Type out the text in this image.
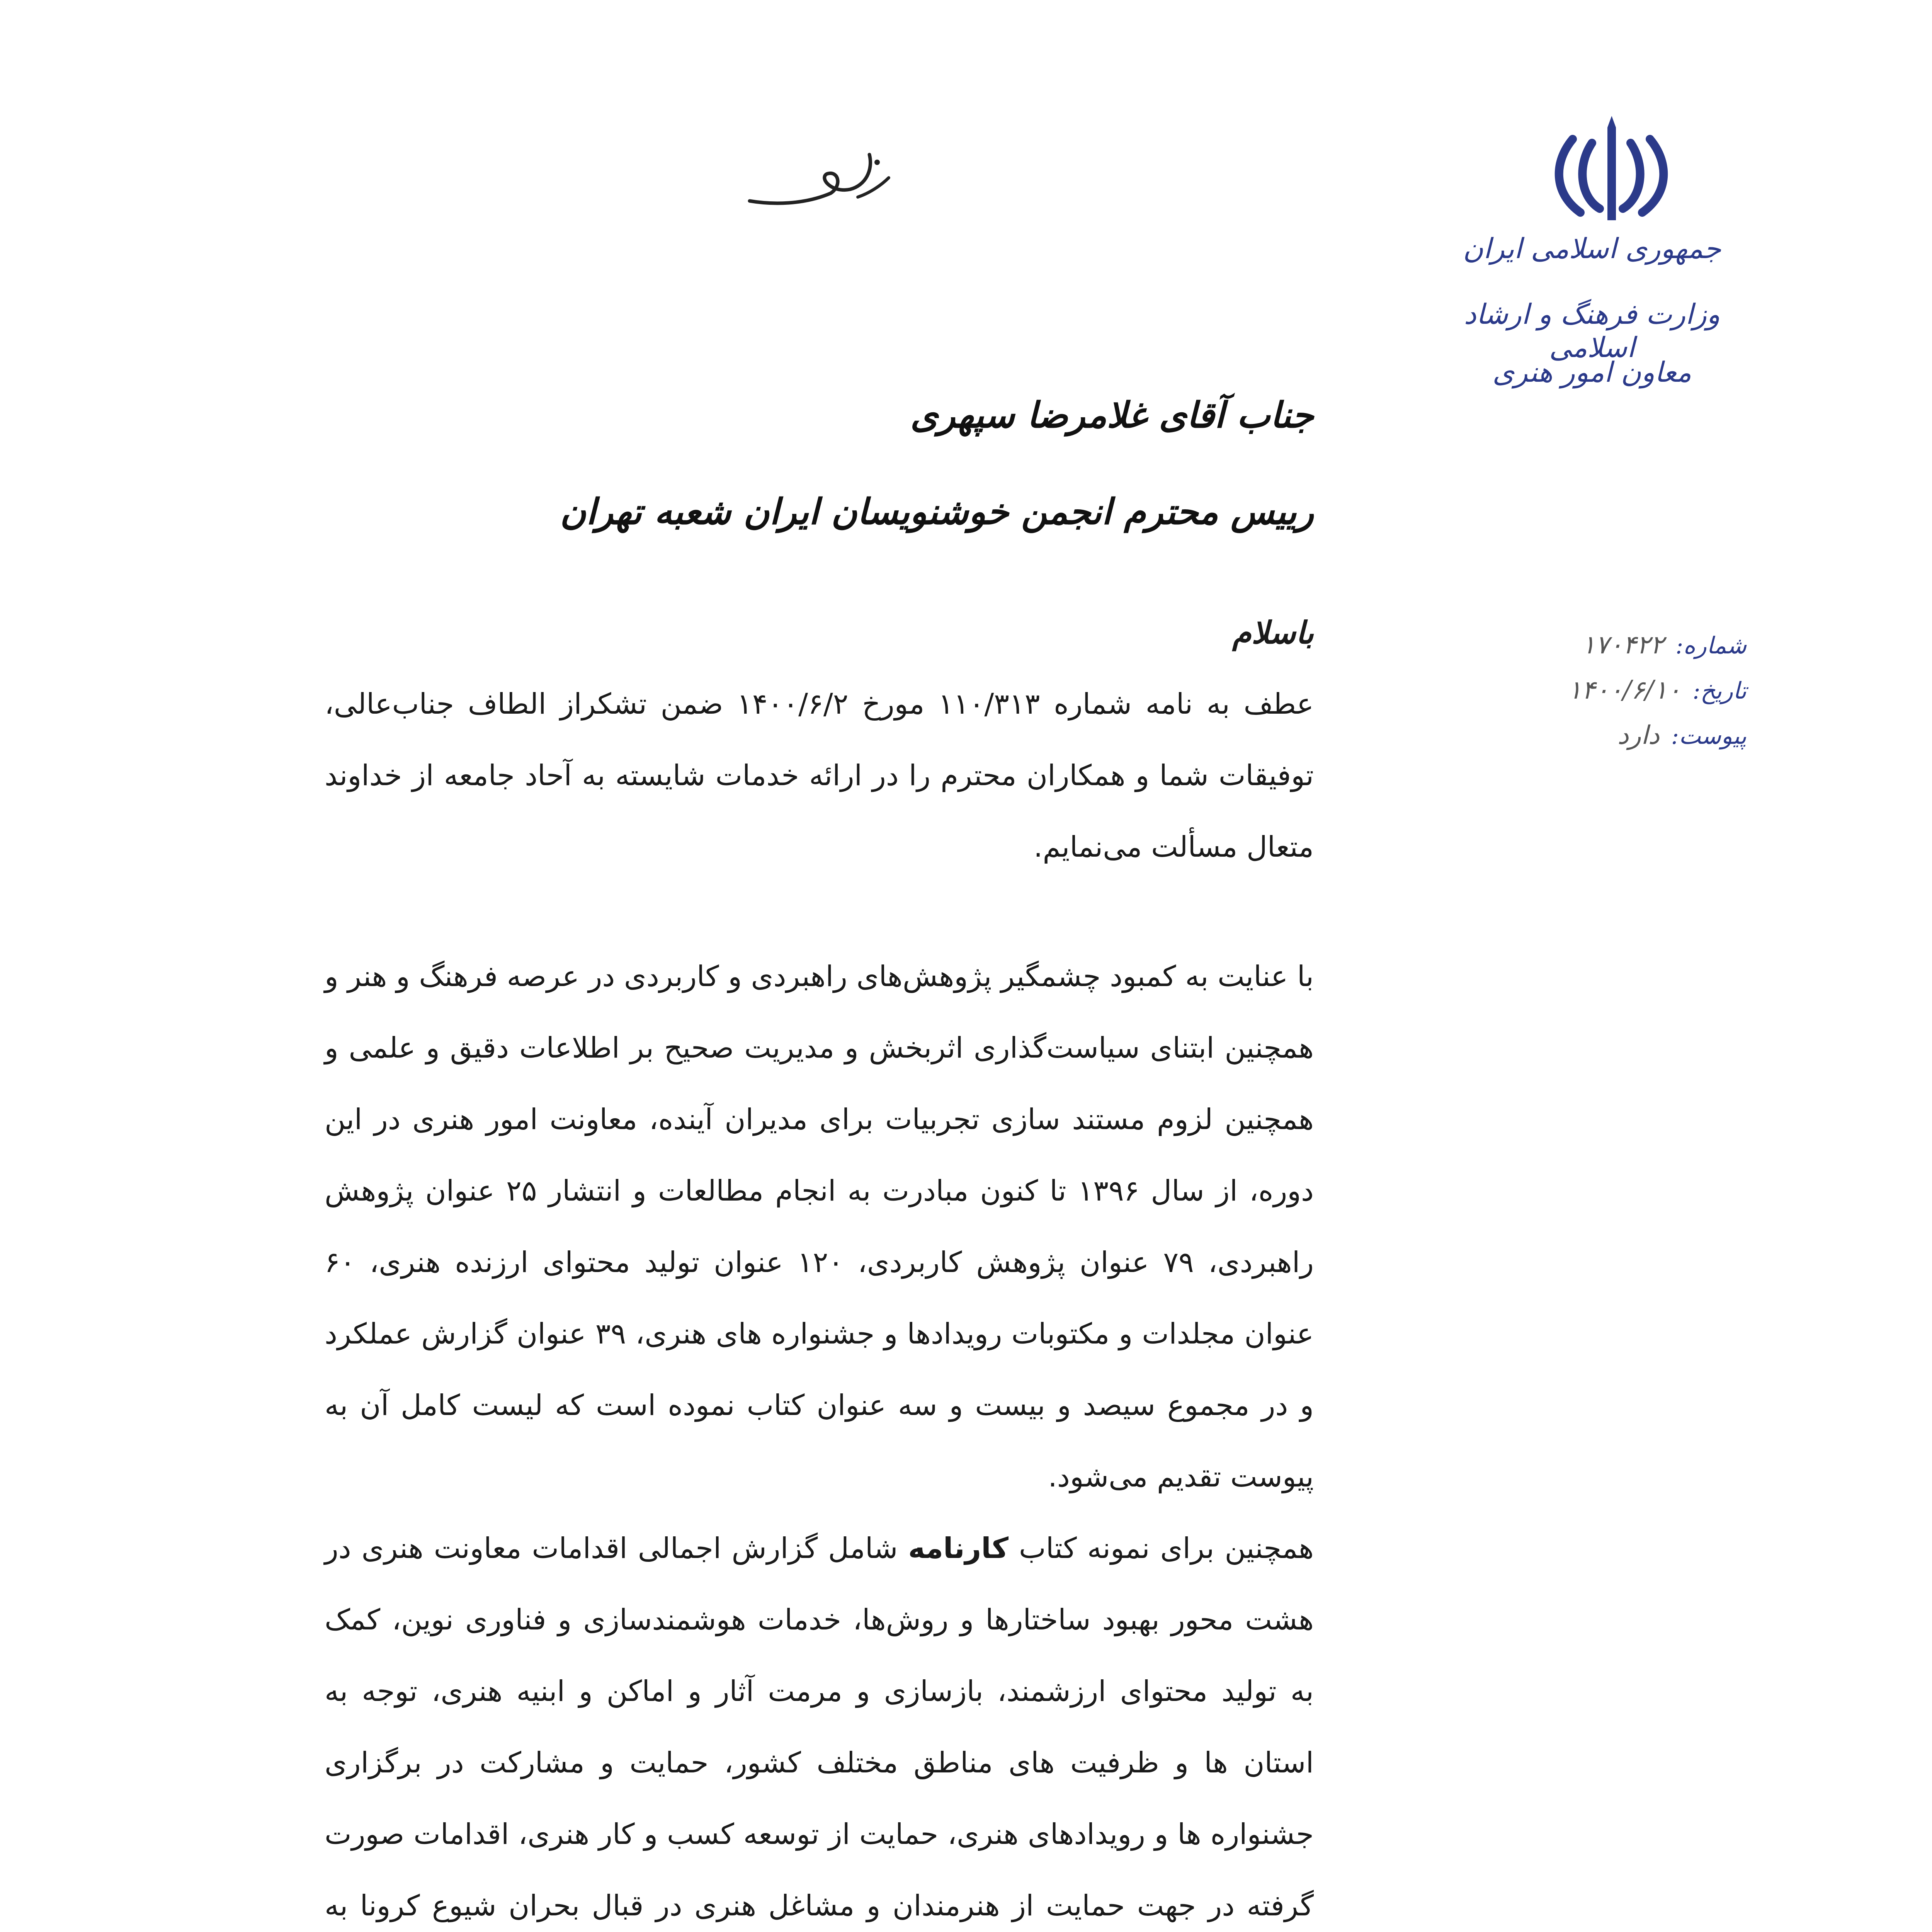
جمهوری اسلامی ایران
وزارت فرهنگ و ارشاد اسلامی
معاون امور هنری
جناب آقای غلامرضا سپهری
رییس محترم انجمن خوشنویسان ایران شعبه تهران
شماره:
۱۷۰۴۲۲
تاریخ:
۱۴۰۰/۶/۱۰
پیوست:
دارد
باسلام

عطف به نامه شماره ۱۱۰/۳۱۳ مورخ ۱۴۰۰/۶/۲ ضمن تشکراز الطاف جناب‌عالی، توفیقات شما و همکاران محترم را در ارائه خدمات شایسته به آحاد جامعه از خداوند متعال مسألت می‌نمایم.

با عنایت به کمبود چشمگیر پژوهش‌های راهبردی و کاربردی در عرصه فرهنگ و هنر و همچنین ابتنای سیاست‌گذاری اثربخش و مدیریت صحیح بر اطلاعات دقیق و علمی و همچنین لزوم مستند سازی تجربیات برای مدیران آینده، معاونت امور هنری در این دوره، از سال ۱۳۹۶ تا کنون مبادرت به انجام مطالعات و انتشار ۲۵ عنوان پژوهش راهبردی، ۷۹ عنوان پژوهش کاربردی، ۱۲۰ عنوان تولید محتوای ارزنده هنری، ۶۰ عنوان مجلدات و مکتوبات رویدادها و جشنواره های هنری، ۳۹ عنوان گزارش عملکرد و در مجموع سیصد و بیست و سه عنوان کتاب نموده است که لیست کامل آن به پیوست تقدیم می‌شود.

همچنین برای نمونه کتاب کارنامه شامل گزارش اجمالی اقدامات معاونت هنری در هشت محور بهبود ساختارها و روش‌ها، خدمات هوشمندسازی و فناوری نوین، کمک به تولید محتوای ارزشمند، بازسازی و مرمت آثار و اماکن و ابنیه هنری، توجه به استان ها و ظرفیت های مناطق مختلف کشور، حمایت و مشارکت در برگزاری جشنواره ها و رویدادهای هنری، حمایت از توسعه کسب و کار هنری، اقدامات صورت گرفته در جهت حمایت از هنرمندان و مشاغل هنری در قبال بحران شیوع کرونا به
